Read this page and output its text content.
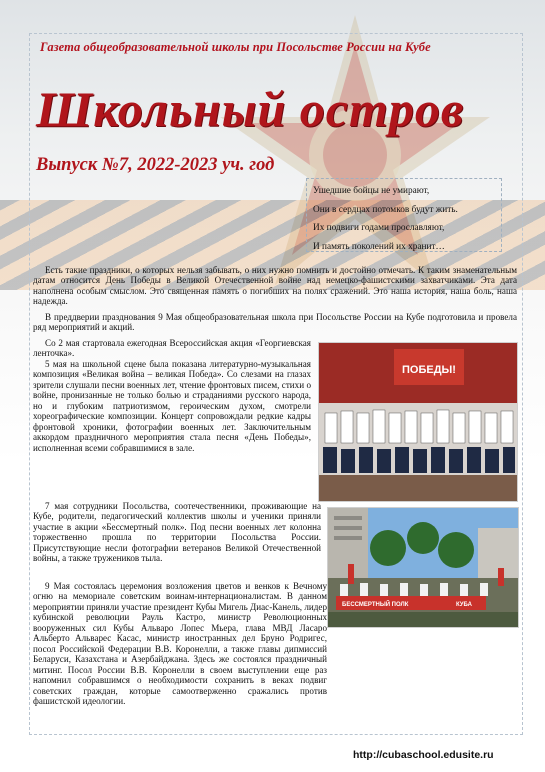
Газета общеобразовательной школы при Посольстве России на Кубе
Школьный остров
Выпуск №7, 2022-2023 уч. год
Ушедшие бойцы не умирают,
Они в сердцах потомков будут жить.
Их подвиги годами прославляют,
И память поколений их хранит…

Есть такие праздники, о которых нельзя забывать, о них нужно помнить и достойно отмечать. К таким знаменательным датам относится День Победы в Великой Отечественной войне над немецко-фашистскими захватчиками. Эта дата наполнена особым смыслом. Это священная память о погибших на полях сражений. Это наша история, наша боль, наша надежда.

В преддверии празднования 9 Мая общеобразовательная школа при Посольстве России на Кубе подготовила и провела ряд мероприятий и акций.

Со 2 мая стартовала ежегодная Всероссийская акция «Георгиевская ленточка».

5 мая на школьной сцене была показана литературно-музыкальная композиция «Великая война – великая Победа». Со слезами на глазах зрители слушали песни военных лет, чтение фронтовых писем, стихи о войне, пронизанные не только болью и страданиями русского народа, но и глубоким патриотизмом, героическим духом, смотрели хореографические композиции. Концерт сопровождали редкие кадры фронтовой хроники, фотографии военных лет. Заключительным аккордом праздничного мероприятия стала песня «День Победы», исполненная всеми собравшимися в зале.

ПОБЕДЫ!

7 мая сотрудники Посольства, соотечественники, проживающие на Кубе, родители, педагогический коллектив школы и ученики приняли участие в акции «Бессмертный полк». Под песни военных лет колонна торжественно прошла по территории Посольства России. Присутствующие несли фотографии ветеранов Великой Отечественной войны, а также тружеников тыла.

БЕССМЕРТНЫЙ ПОЛК	КУБА

9 Мая состоялась церемония возложения цветов и венков к Вечному огню на мемориале советским воинам-интернационалистам. В данном мероприятии приняли участие президент Кубы Мигель Диас-Канель, лидер кубинской революции Рауль Кастро, министр Революционных вооруженных сил Кубы Альваро Лопес Мьера, глава МВД Ласаро Альберто Альварес Касас, министр иностранных дел Бруно Родригес, посол Российской Федерации В.В. Коронелли, а также главы дипмиссий Беларуси, Казахстана и Азербайджана. Здесь же состоялся праздничный митинг. Посол России В.В. Коронелли в своем выступлении еще раз напомнил собравшимся о необходимости сохранить в веках подвиг советских граждан, которые самоотверженно сражались против фашистской идеологии.

http://cubaschool.edusite.ru
